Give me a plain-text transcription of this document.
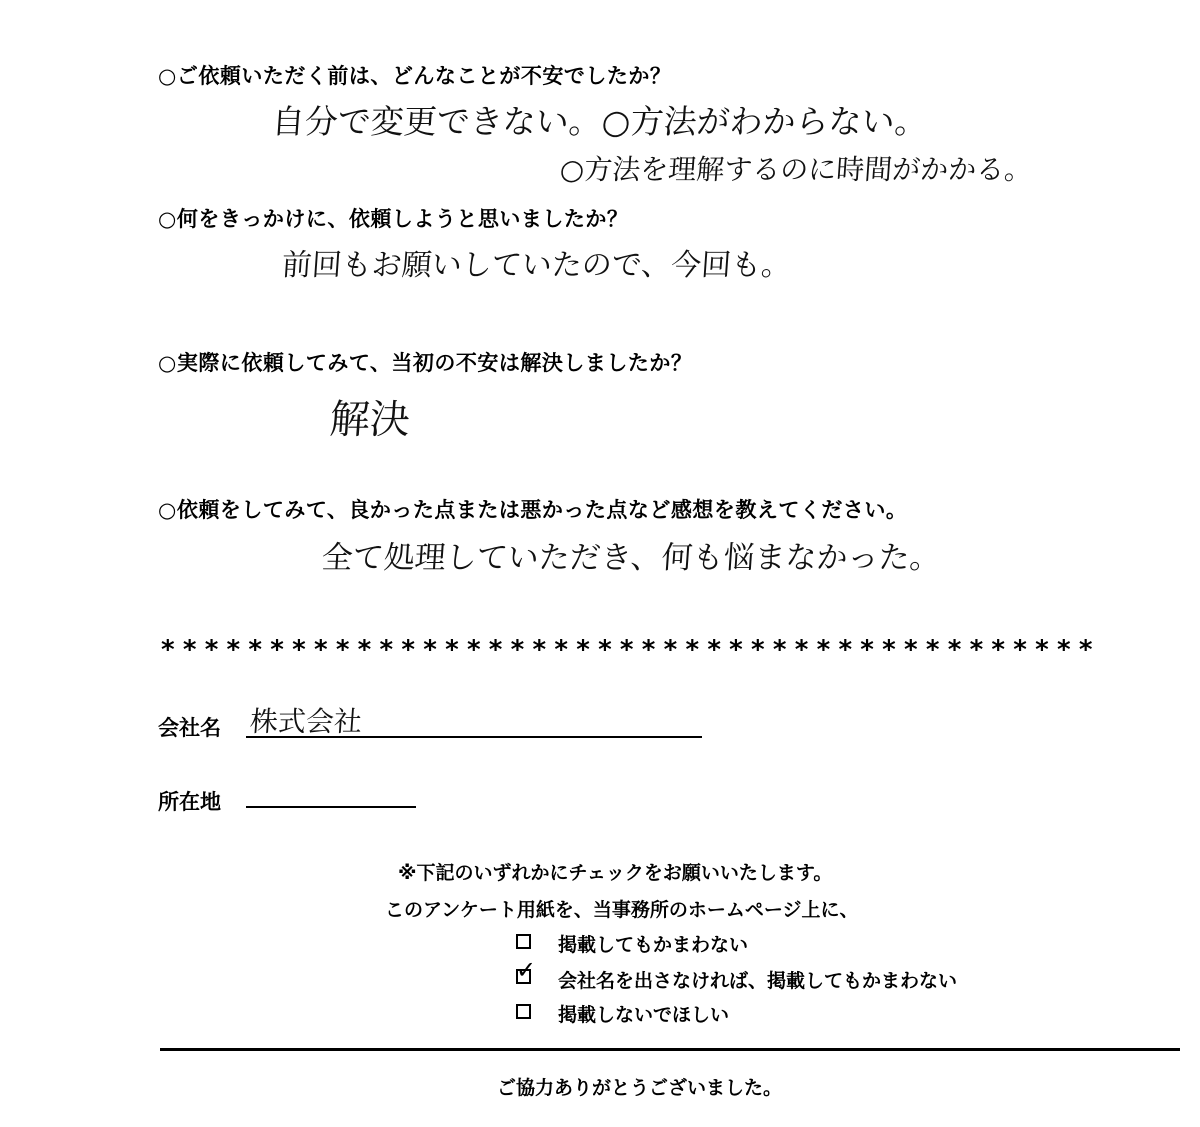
○ご依頼いただく前は、どんなことが不安でしたか？
自分で変更できない。○方法がわからない。
○方法を理解するのに時間がかかる。
○何をきっかけに、依頼しようと思いましたか？
前回もお願いしていたので、今回も。
○実際に依頼してみて、当初の不安は解決しましたか？
解決
○依頼をしてみて、良かった点または悪かった点など感想を教えてください。
全て処理していただき、何も悩まなかった。
*******************************************
会社名 株式会社
所在地
※下記のいずれかにチェックをお願いいたします。
このアンケート用紙を、当事務所のホームページ上に、
掲載してもかまわない
✓ 会社名を出さなければ、掲載してもかまわない
掲載しないでほしい
ご協力ありがとうございました。
